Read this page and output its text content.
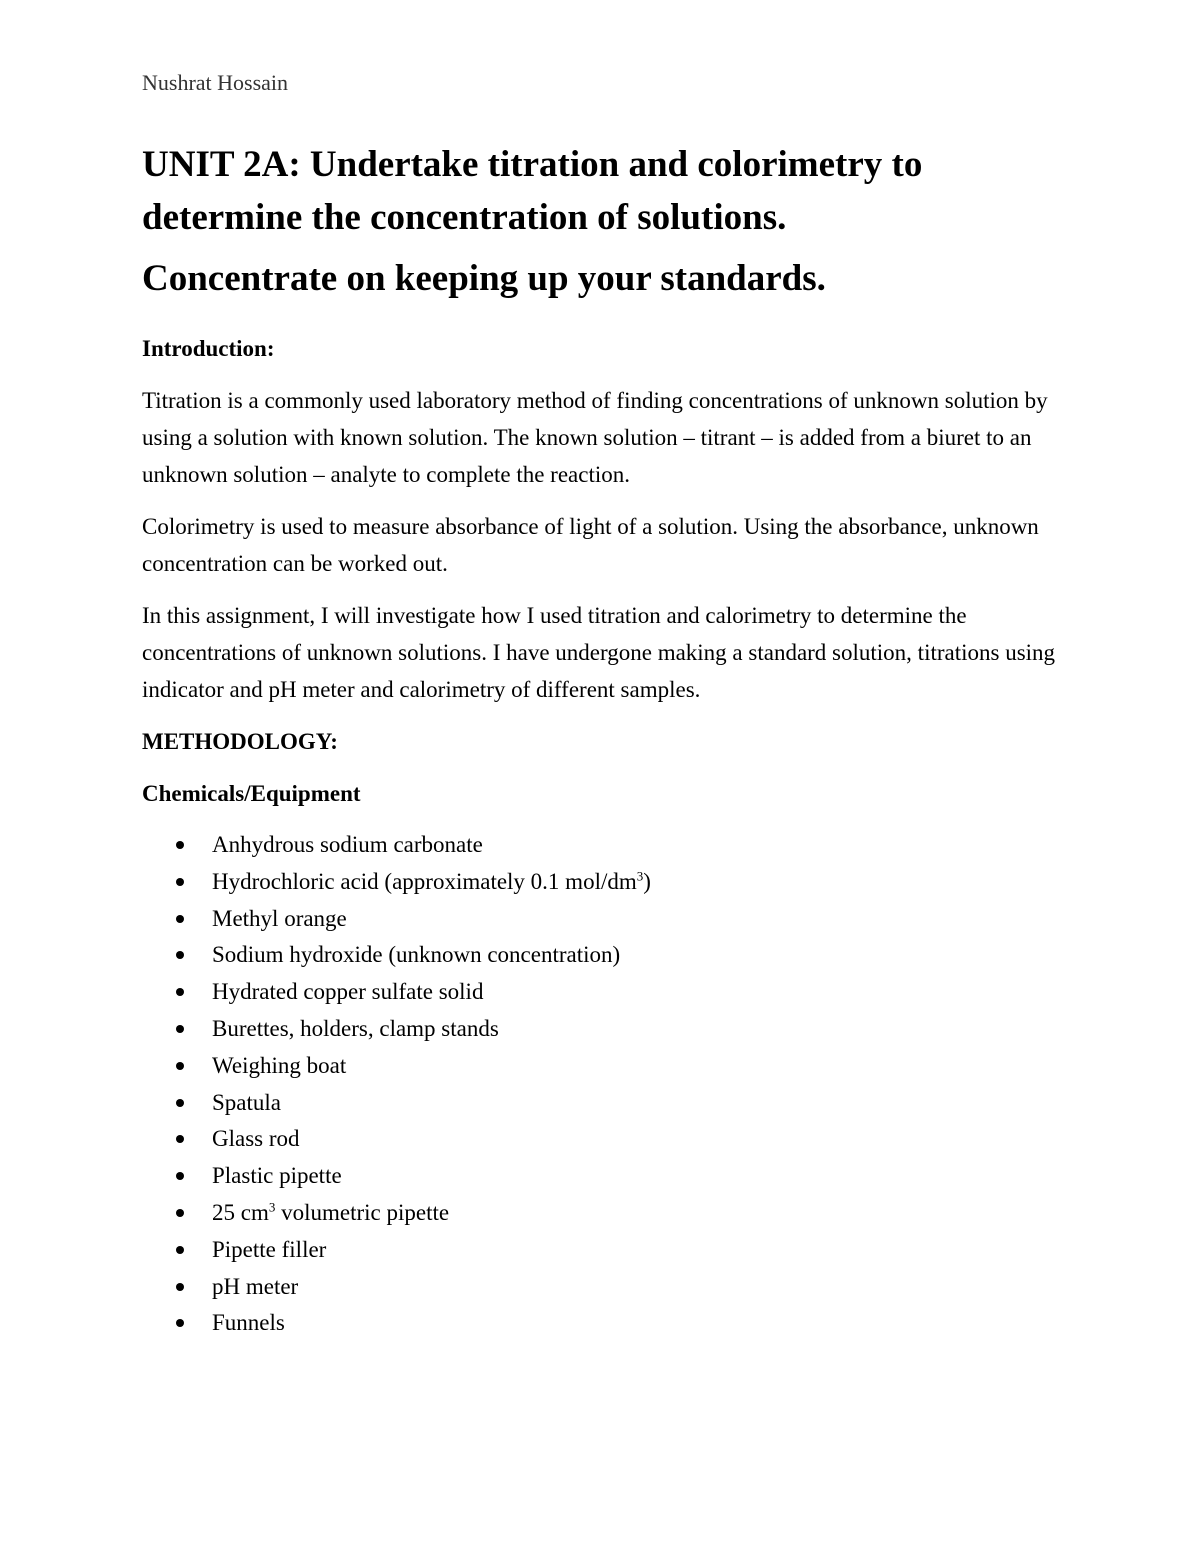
Nushrat Hossain

UNIT 2A: Undertake titration and colorimetry to determine the concentration of solutions.
Concentrate on keeping up your standards.
Introduction:

Titration is a commonly used laboratory method of finding concentrations of unknown solution by using a solution with known solution. The known solution – titrant – is added from a biuret to an unknown solution – analyte to complete the reaction.

Colorimetry is used to measure absorbance of light of a solution. Using the absorbance, unknown concentration can be worked out.

In this assignment, I will investigate how I used titration and calorimetry to determine the concentrations of unknown solutions. I have undergone making a standard solution, titrations using indicator and pH meter and calorimetry of different samples.

METHODOLOGY:
Chemicals/Equipment
Anhydrous sodium carbonate
Hydrochloric acid (approximately 0.1 mol/$dm^3$)
Methyl orange
Sodium hydroxide (unknown concentration)
Hydrated copper sulfate solid
Burettes, holders, clamp stands
Weighing boat
Spatula
Glass rod
Plastic pipette
25 $cm^3$ volumetric pipette
Pipette filler
pH meter
Funnels
